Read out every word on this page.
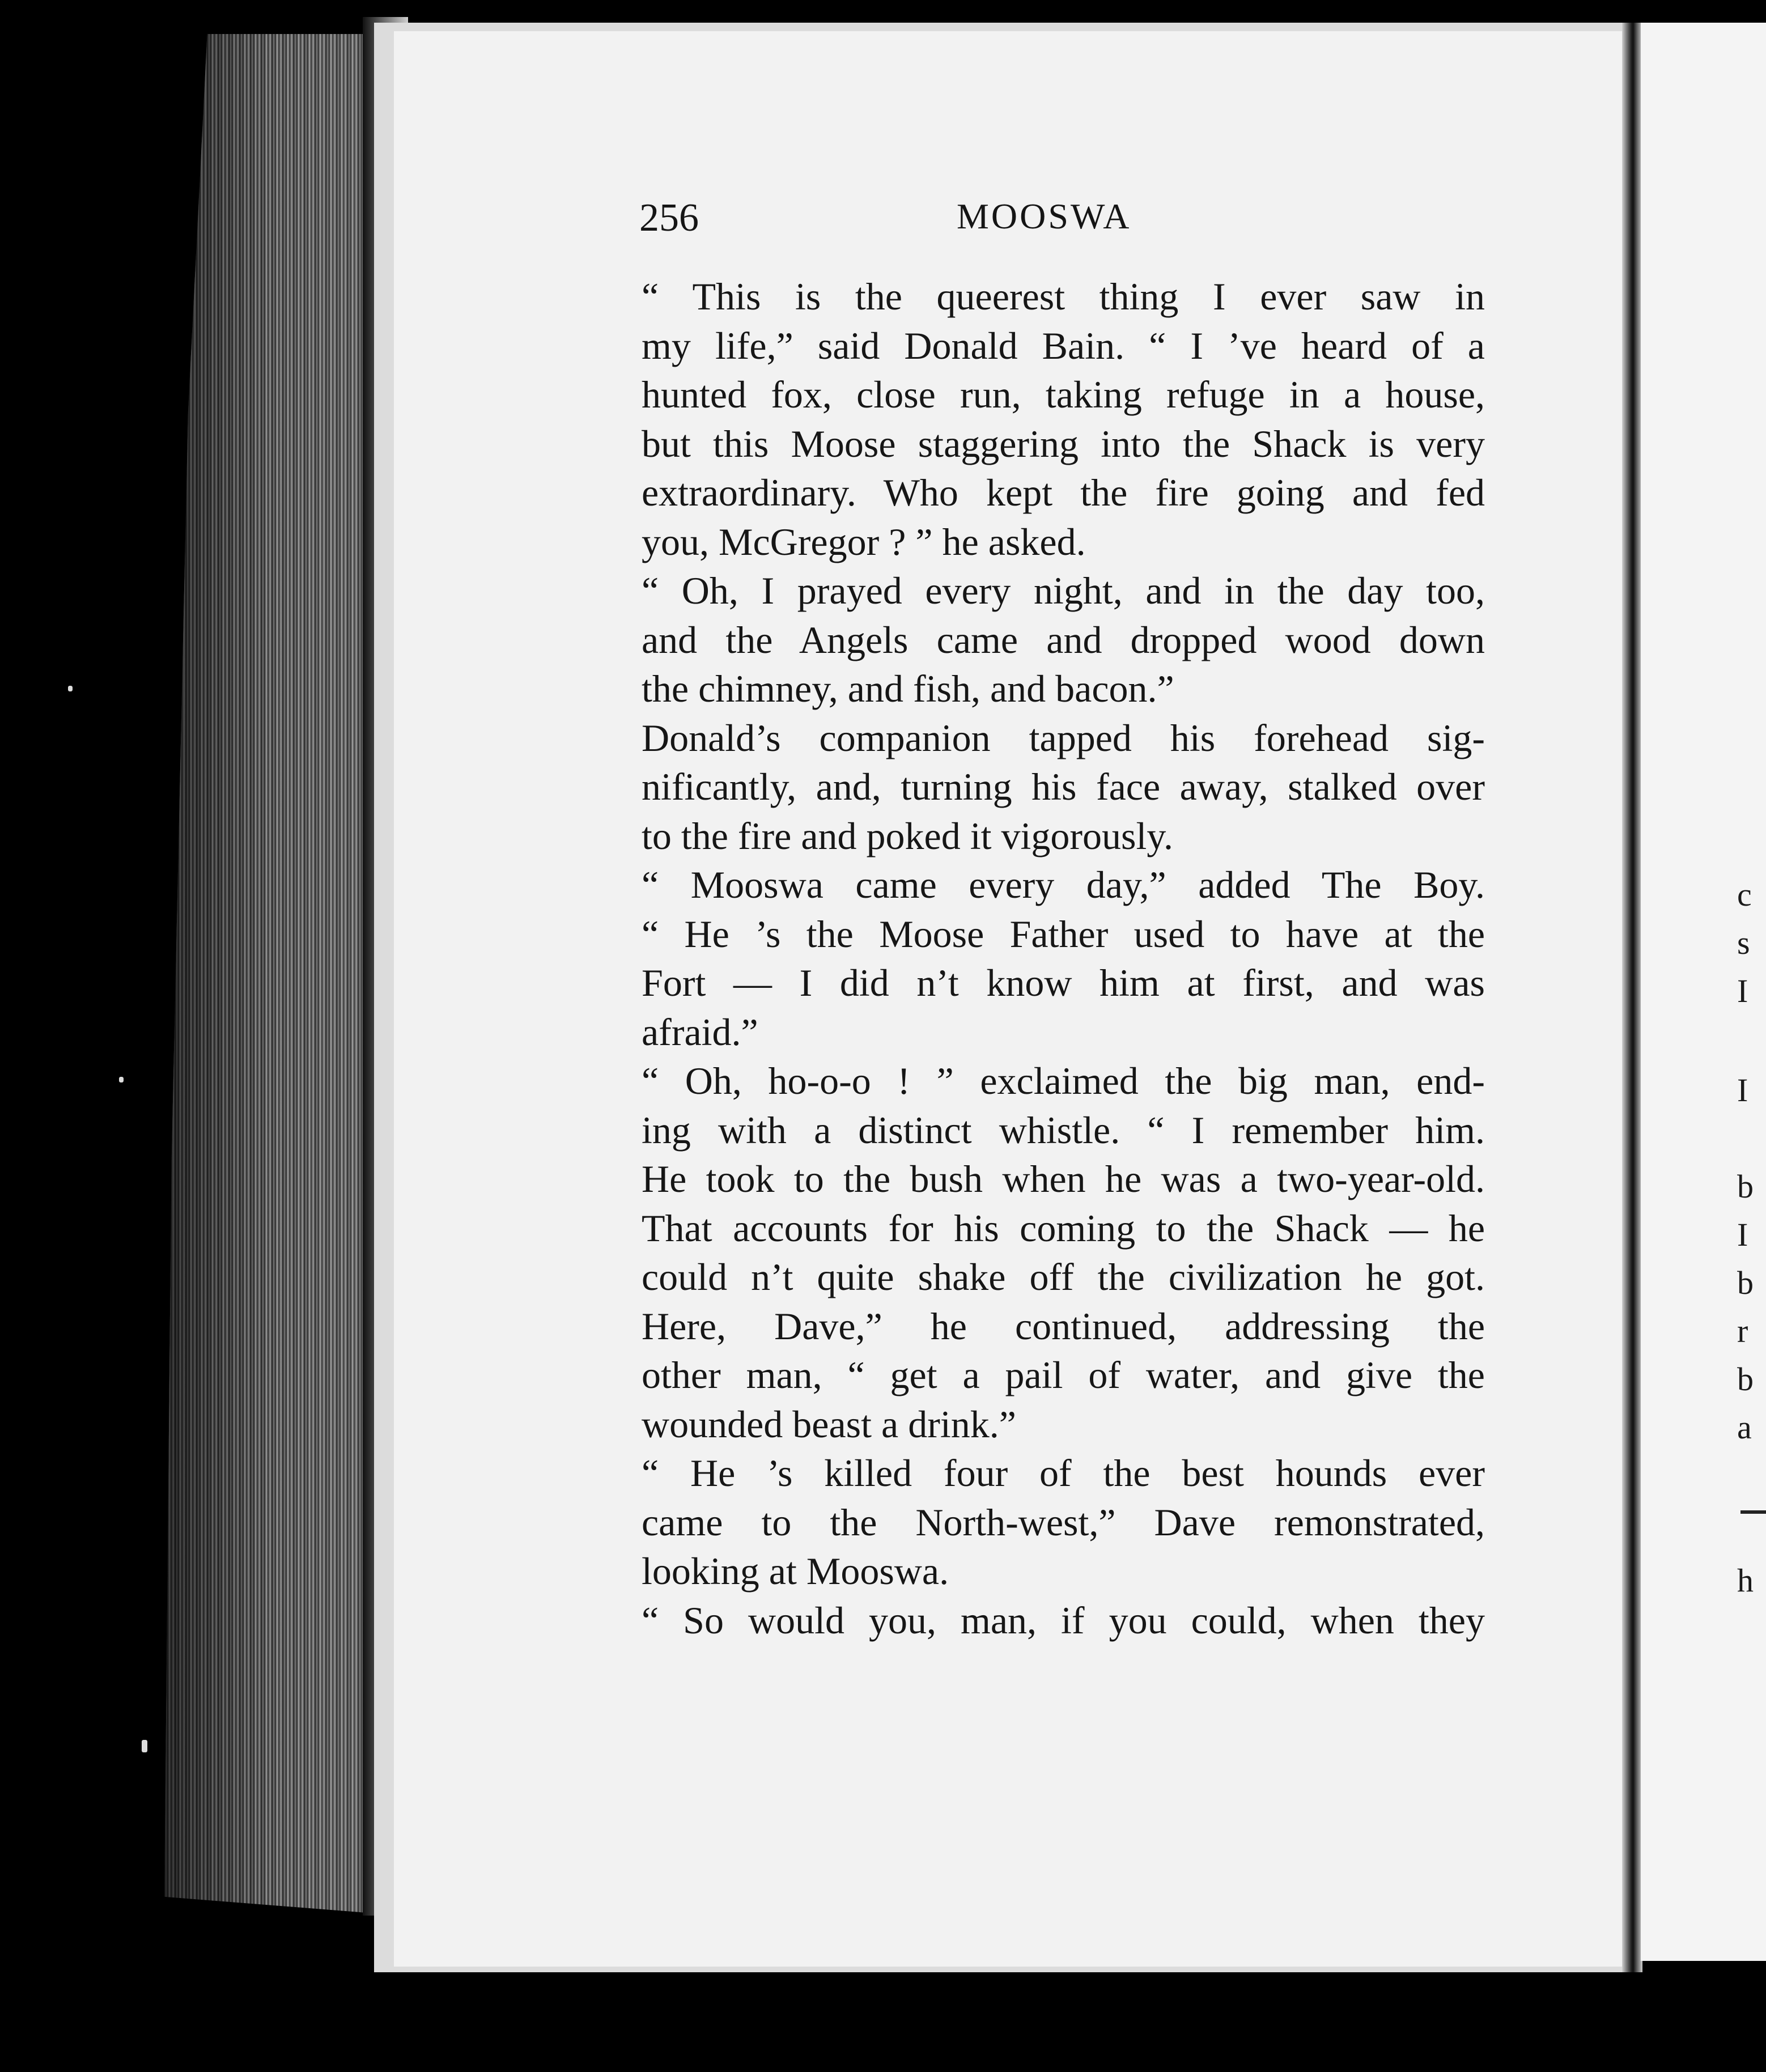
256	MOOSWA
“ This is the queerest thing I ever saw in
my life,” said Donald Bain. “ I ’ve heard of a
hunted fox, close run, taking refuge in a house,
but this Moose staggering into the Shack is very
extraordinary. Who kept the fire going and fed
you, McGregor ? ” he asked.
“ Oh, I prayed every night, and in the day too,
and the Angels came and dropped wood down
the chimney, and fish, and bacon.”
Donald’s companion tapped his forehead sig-
nificantly, and, turning his face away, stalked over
to the fire and poked it vigorously.
“ Mooswa came every day,” added The Boy.
“ He ’s the Moose Father used to have at the
Fort — I did n’t know him at first, and was
afraid.”
“ Oh, ho-o-o ! ” exclaimed the big man, end-
ing with a distinct whistle. “ I remember him.
He took to the bush when he was a two-year-old.
That accounts for his coming to the Shack — he
could n’t quite shake off the civilization he got.
Here, Dave,” he continued, addressing the
other man, “ get a pail of water, and give the
wounded beast a drink.”
“ He ’s killed four of the best hounds ever
came to the North-west,” Dave remonstrated,
looking at Mooswa.
“ So would you, man, if you could, when they
c
s
I
I
b
I
b
r
b
a
h
